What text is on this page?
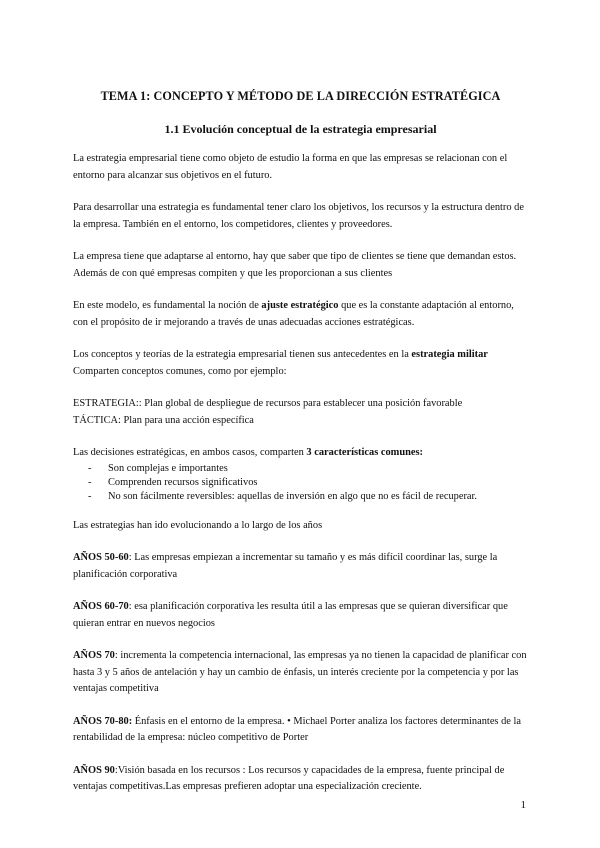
TEMA 1: CONCEPTO Y MÉTODO DE LA DIRECCIÓN ESTRATÉGICA
1.1 Evolución conceptual de la estrategia empresarial

La estrategia empresarial tiene como objeto de estudio la forma en que las empresas se relacionan con el entorno para alcanzar sus objetivos en el futuro.

Para desarrollar una estrategia es fundamental tener claro los objetivos, los recursos y la estructura dentro de la empresa. También en el entorno, los competidores, clientes y proveedores.

La empresa tiene que adaptarse al entorno, hay que saber que tipo de clientes se tiene que demandan estos. Además de con qué empresas compiten y que les proporcionan a sus clientes

En este modelo, es fundamental la noción de ajuste estratégico que es la constante adaptación al entorno, con el propósito de ir mejorando a través de unas adecuadas acciones estratégicas.

Los conceptos y teorías de la estrategia empresarial tienen sus antecedentes en la estrategia militar
Comparten conceptos comunes, como por ejemplo:

ESTRATEGIA:: Plan global de despliegue de recursos para establecer una posición favorable
TÁCTICA: Plan para una acción específica

Las decisiones estratégicas, en ambos casos, comparten 3 características comunes:

- Son complejas e importantes
- Comprenden recursos significativos
- No son fácilmente reversibles: aquellas de inversión en algo que no es fácil de recuperar.

Las estrategias han ido evolucionando a lo largo de los años

AÑOS 50-60: Las empresas empiezan a incrementar su tamaño y es más difícil coordinar las, surge la planificación corporativa

AÑOS 60-70: esa planificación corporativa les resulta útil a las empresas que se quieran diversificar que quieran entrar en nuevos negocios

AÑOS 70: incrementa la competencia internacional, las empresas ya no tienen la capacidad de planificar con hasta 3 y 5 años de antelación y hay un cambio de énfasis, un interés creciente por la competencia y por las ventajas competitiva

AÑOS 70-80: Énfasis en el entorno de la empresa. • Michael Porter analiza los factores determinantes de la rentabilidad de la empresa: núcleo competitivo de Porter

AÑOS 90:Visión basada en los recursos : Los recursos y capacidades de la empresa, fuente principal de ventajas competitivas.Las empresas prefieren adoptar una especialización creciente.

1
